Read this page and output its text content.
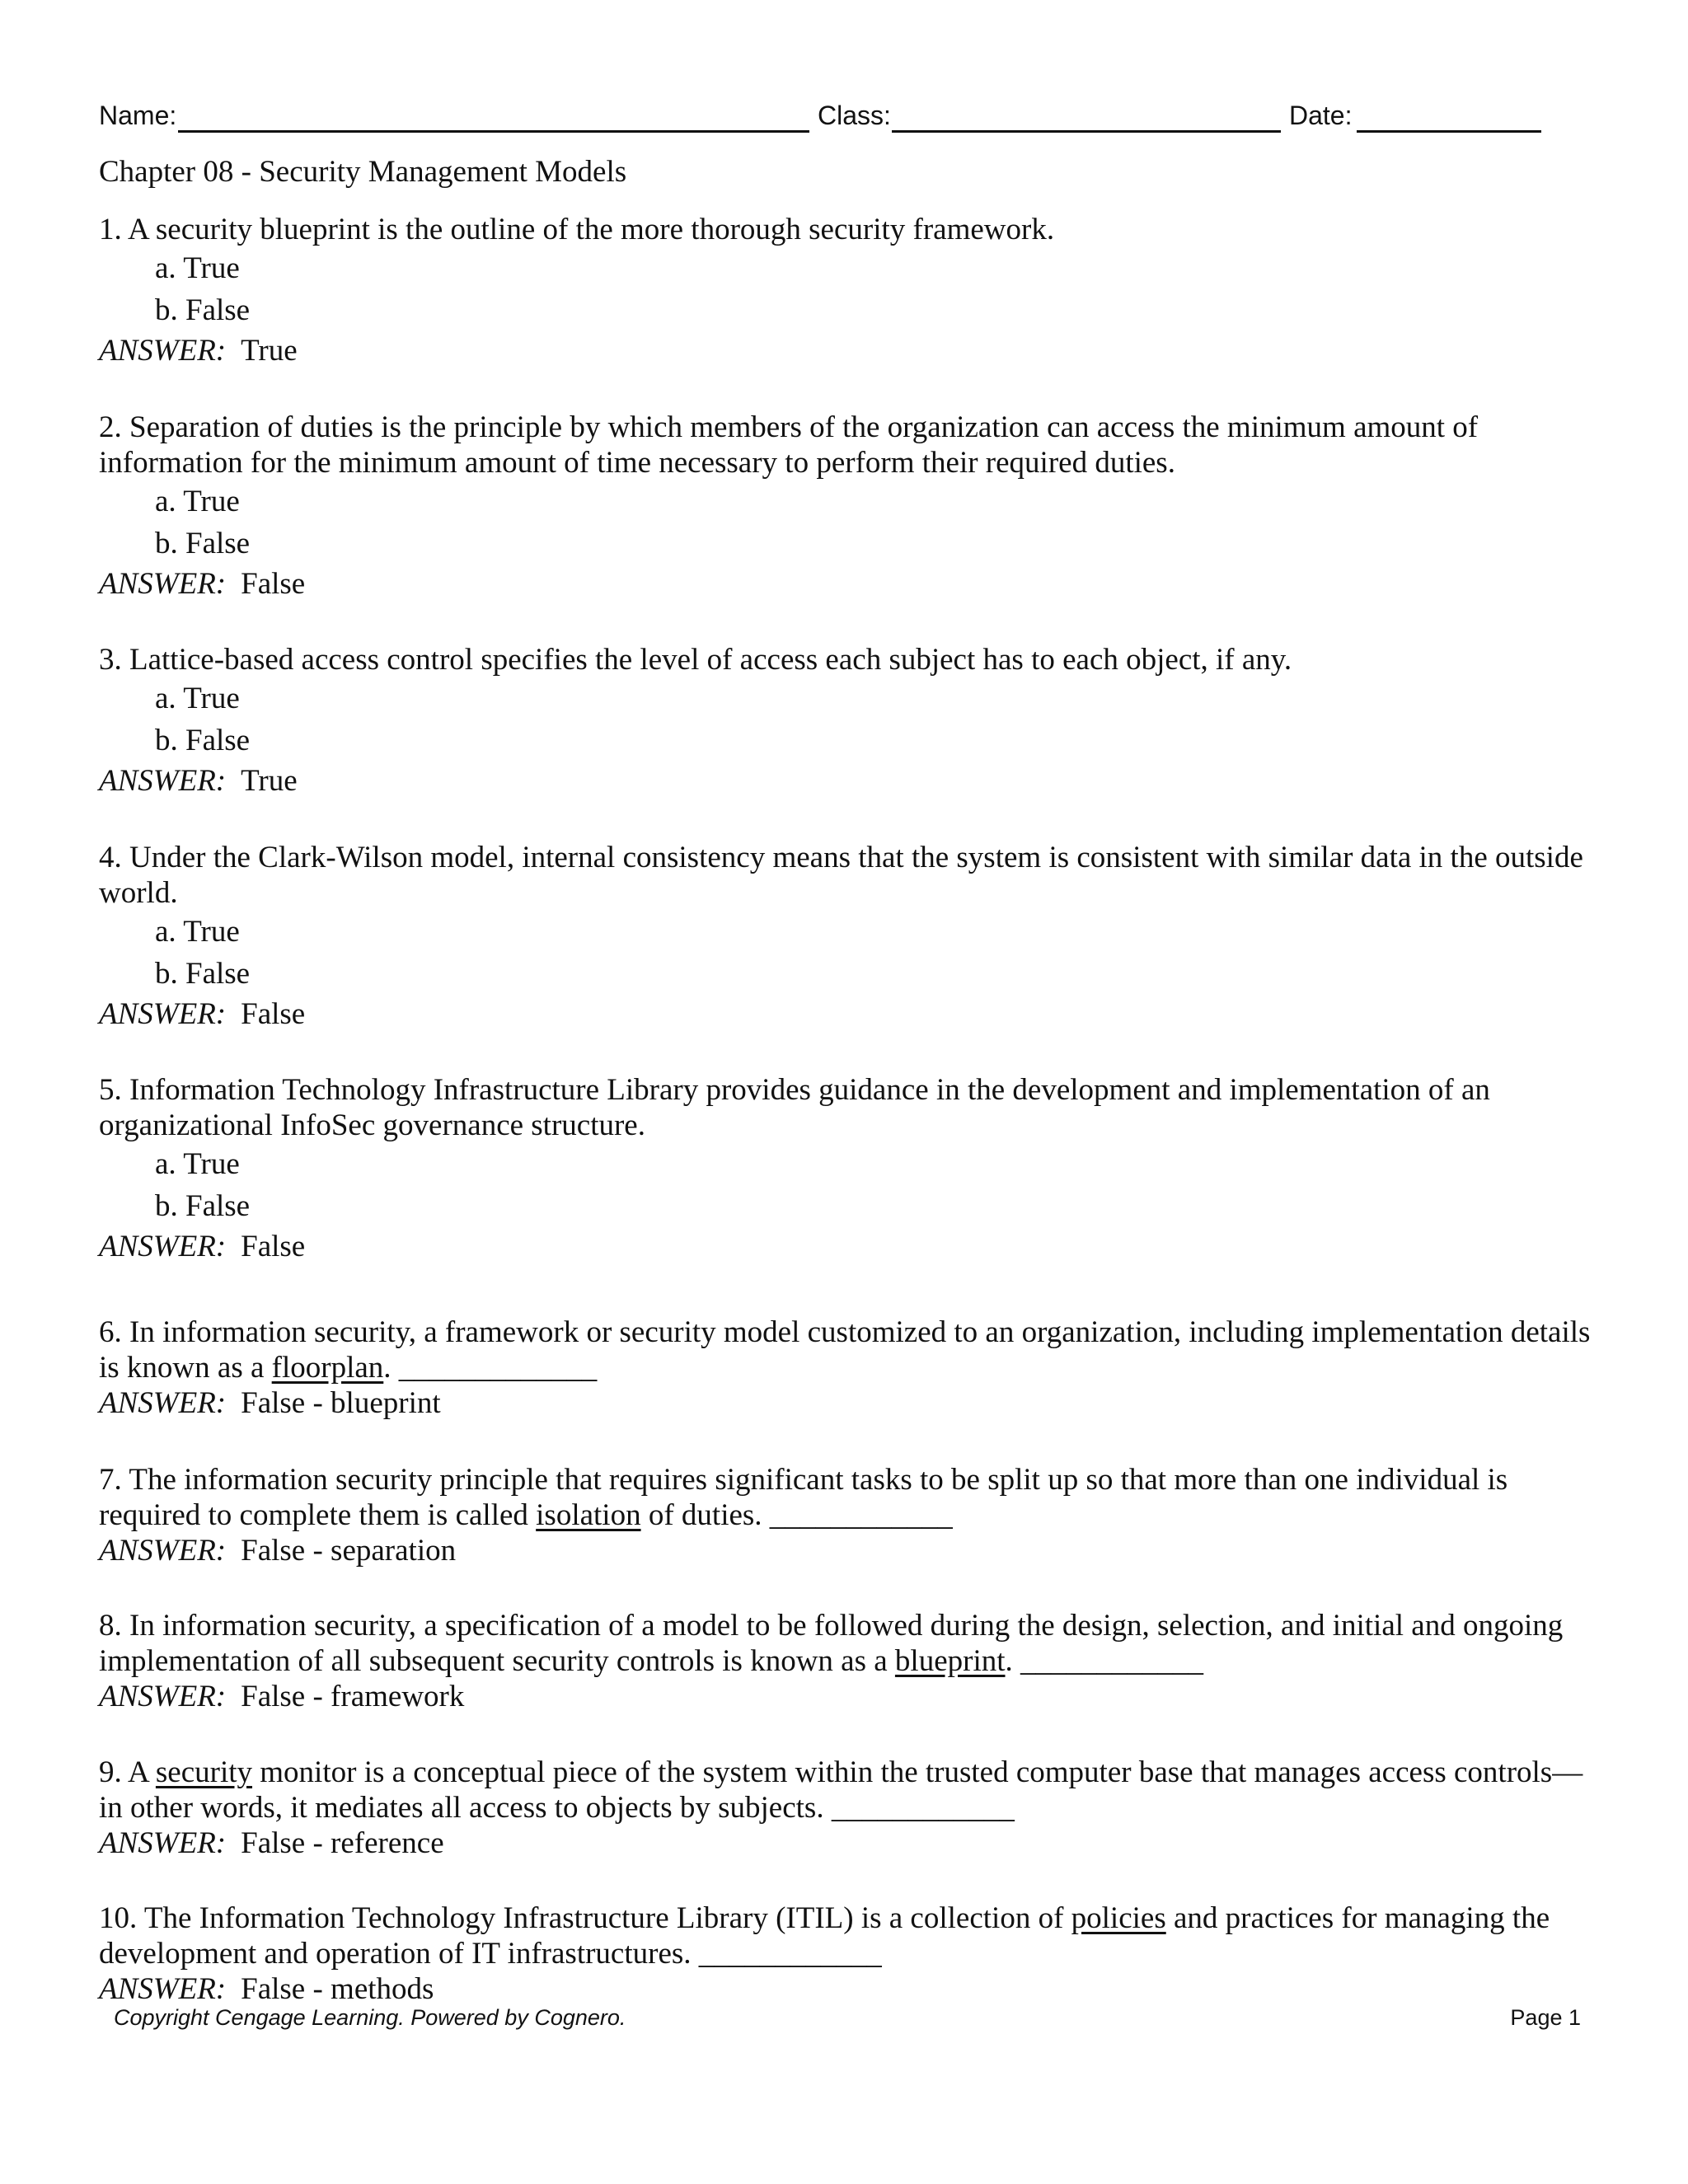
Name:	Class:	Date:
Chapter 08 - Security Management Models
1. A security blueprint is the outline of the more thorough security framework.
a. True
b. False
ANSWER: True
2. Separation of duties is the principle by which members of the organization can access the minimum amount of
information for the minimum amount of time necessary to perform their required duties.
a. True
b. False
ANSWER: False
3. Lattice-based access control specifies the level of access each subject has to each object, if any.
a. True
b. False
ANSWER: True
4. Under the Clark-Wilson model, internal consistency means that the system is consistent with similar data in the outside
world.
a. True
b. False
ANSWER: False
5. Information Technology Infrastructure Library provides guidance in the development and implementation of an
organizational InfoSec governance structure.
a. True
b. False
ANSWER: False
6. In information security, a framework or security model customized to an organization, including implementation details
is known as a floorplan. _____________
ANSWER: False - blueprint
7. The information security principle that requires significant tasks to be split up so that more than one individual is
required to complete them is called isolation of duties. ____________
ANSWER: False - separation
8. In information security, a specification of a model to be followed during the design, selection, and initial and ongoing
implementation of all subsequent security controls is known as a blueprint. ____________
ANSWER: False - framework
9. A security monitor is a conceptual piece of the system within the trusted computer base that manages access controls—
in other words, it mediates all access to objects by subjects. ____________
ANSWER: False - reference
10. The Information Technology Infrastructure Library (ITIL) is a collection of policies and practices for managing the
development and operation of IT infrastructures. ____________
ANSWER: False - methods
Copyright Cengage Learning. Powered by Cognero.	Page 1
